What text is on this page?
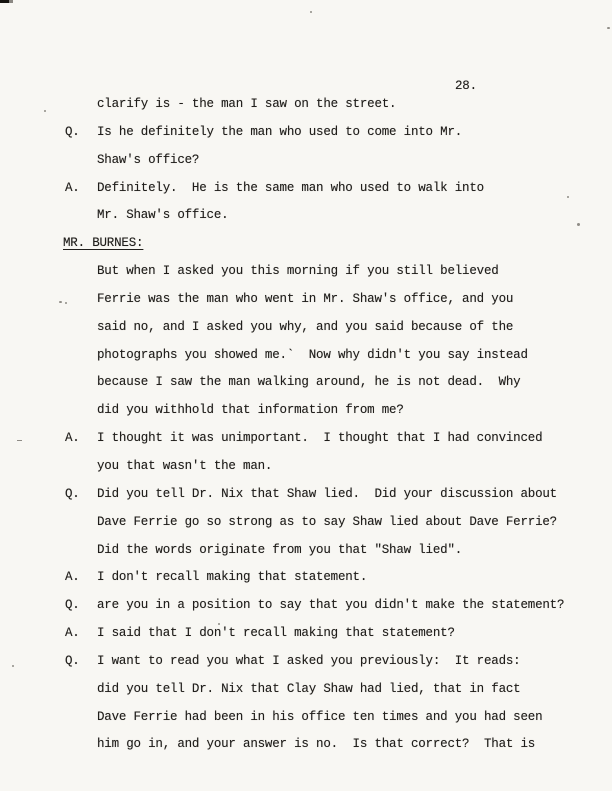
28.
clarify is - the man I saw on the street.
Q.	Is he definitely the man who used to come into Mr.
Shaw's office?
A.	Definitely.  He is the same man who used to walk into
Mr. Shaw's office.
MR. BURNES:
But when I asked you this morning if you still believed
Ferrie was the man who went in Mr. Shaw's office, and you
said no, and I asked you why, and you said because of the
photographs you showed me.`  Now why didn't you say instead
because I saw the man walking around, he is not dead.  Why
did you withhold that information from me?
A.	I thought it was unimportant.  I thought that I had convinced
you that wasn't the man.
Q.	Did you tell Dr. Nix that Shaw lied.  Did your discussion about
Dave Ferrie go so strong as to say Shaw lied about Dave Ferrie?
Did the words originate from you that "Shaw lied".
A.	I don't recall making that statement.
Q.	are you in a position to say that you didn't make the statement?
A.	I said that I don't recall making that statement?
Q.	I want to read you what I asked you previously:  It reads:
did you tell Dr. Nix that Clay Shaw had lied, that in fact
Dave Ferrie had been in his office ten times and you had seen
him go in, and your answer is no.  Is that correct?  That is
